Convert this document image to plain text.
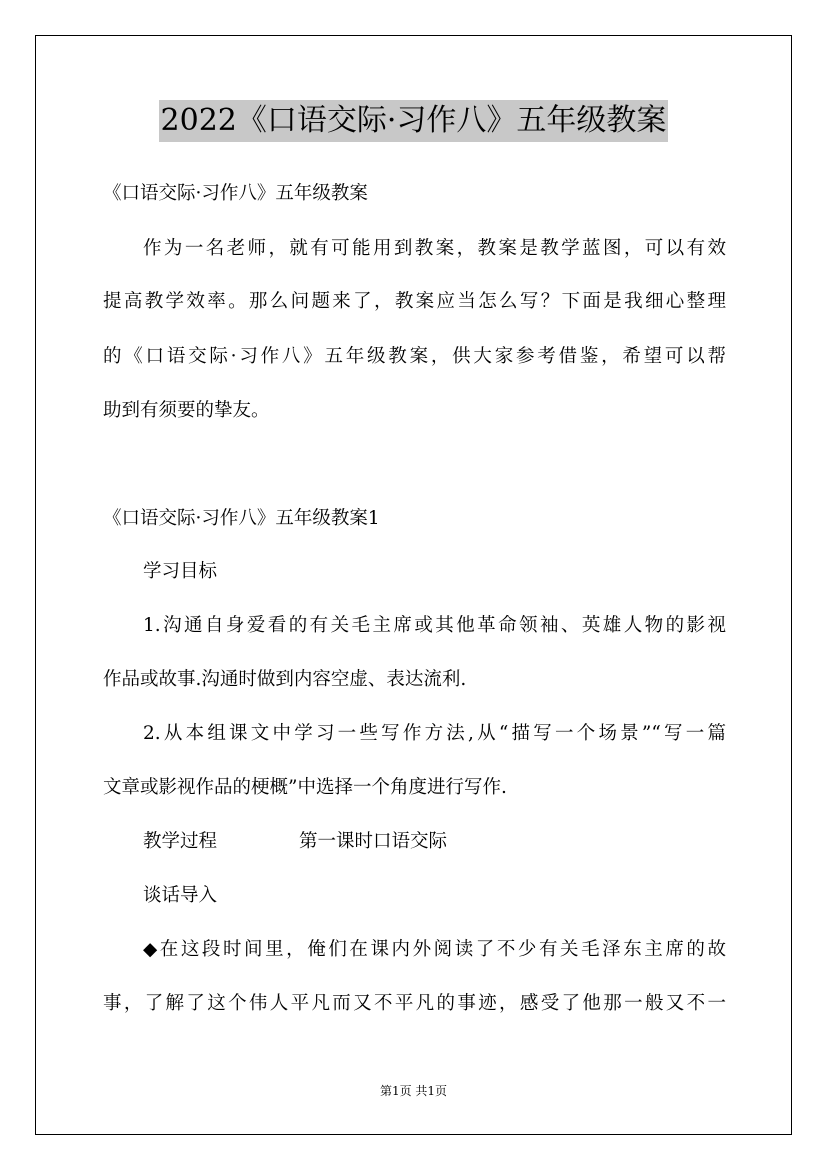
2022《口语交际·习作八》五年级教案
《口语交际·习作八》五年级教案
作为一名老师，就有可能用到教案，教案是教学蓝图，可以有效
提高教学效率。那么问题来了，教案应当怎么写？下面是我细心整理
的《口语交际·习作八》五年级教案，供大家参考借鉴，希望可以帮
助到有须要的挚友。
《口语交际·习作八》五年级教案1
学习目标
1.沟通自身爱看的有关毛主席或其他革命领袖、英雄人物的影视
作品或故事.沟通时做到内容空虚、表达流利.
2.从本组课文中学习一些写作方法,从“描写一个场景”“写一篇
文章或影视作品的梗概”中选择一个角度进行写作.
教学过程	第一课时口语交际
谈话导入
◆在这段时间里，俺们在课内外阅读了不少有关毛泽东主席的故
事，了解了这个伟人平凡而又不平凡的事迹，感受了他那一般又不一
第1页 共1页
